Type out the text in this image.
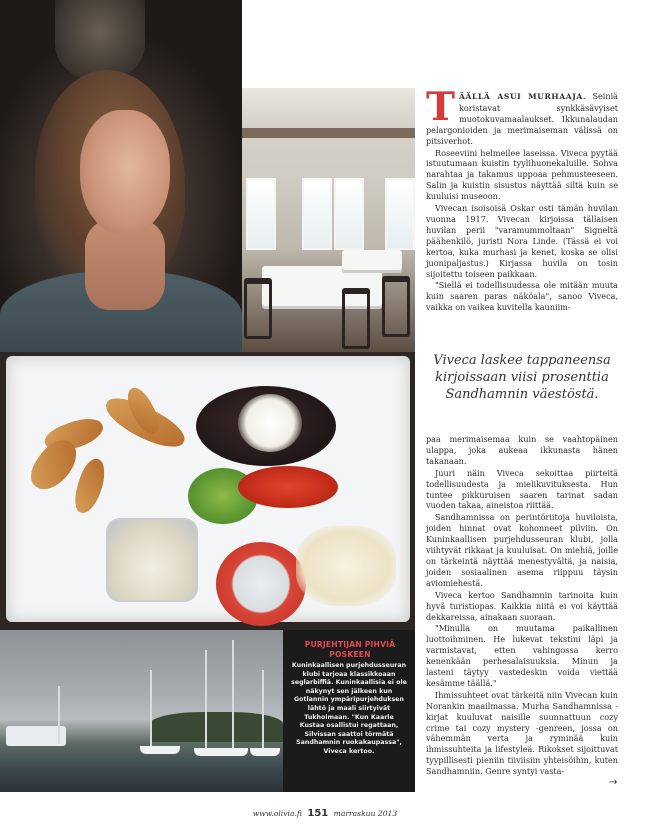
PURJEHTIJAN PIHVIÄ
POSKEEN
Kuninkaallisen purjehdusseuran klubi tarjoaa klassikkoaan seglarbiffiä. Kuninkaallisia ei ole näkynyt sen jälkeen kun Gotlannin ympäripurjehduksen lähtö ja maali siirtyivät Tukholmaan. "Kun Kaarle Kustaa osallistui regattaan, Silvissan saattoi törmätä Sandhamnin ruokakaupassa", Viveca kertoo.

TÄÄLLÄ ASUI MURHAAJA. Seiniä koristavat synkkäsävyiset muotokuvamaalaukset. Ikkunalaudan pelargonioiden ja merimaiseman välissä on pitsiverhot.

Roseeviini helmeilee laseissa. Viveca pyytää istuutumaan kuistin tyylihuonekaluille. Sohva narahtaa ja takamus uppoaa pehmusteeseen. Salin ja kuistin sisustus näyttää siltä kuin se kuuluisi museoon.

Vivecan isoisoisä Oskar osti tämän huvilan vuonna 1917. Vivecan kirjoissa tällaisen huvilan perii "varamummoltaan" Signeltä päähenkilö, juristi Nora Linde. (Tässä ei voi kertoa, kuka murhasi ja kenet, koska se olisi juonipaljastus.) Kirjassa huvila on tosin sijoitettu toiseen paikkaan.

"Siellä ei todellisuudessa ole mitään muuta kuin saaren paras näköala", sanoo Viveca, vaikka on vaikea kuvitella kauniim-

Viveca laskee tappaneensa kirjoissaan viisi prosenttia Sandhamnin väestöstä.

paa merimaisemaa kuin se vaahtopäinen ulappa, joka aukeaa ikkunasta hänen takanaan.

Juuri näin Viveca sekoittaa piirteitä todellisuudesta ja mielikuvituksesta. Hun tuntee pikkuruisen saaren tarinat sadan vuoden takaa, aineistoa riittää.

Sandhamnissa on perintöriitoja huviloista, joiden hinnat ovat kohonneet pilviin. On Kuninkaallisen purjehdusseuran klubi, jolla viihtyvät rikkaat ja kuuluisat. On miehiä, joille on tärkeintä näyttää menestyvältä, ja naisia, joiden sosiaalinen asema riippuu täysin aviomiehestä.

Viveca kertoo Sandhamnin tarinoita kuin hyvä turistiopas. Kaikkia niitä ei voi käyttää dekkareissa, ainakaan suoraan.

"Minulla on muutama paikallinen luottoihminen. He lukevat tekstini läpi ja varmistavat, etten vahingossa kerro kenenkään perhesalaisuuksia. Minun ja lasteni täytyy vastedeskin voida viettää kesämme täällä."

Ihmissuhteet ovat tärkeitä niin Vivecan kuin Norankin maailmassa. Murha Sandhamnissa -kirjat kuuluvat naisille suunnattuun cozy crime tai cozy mystery -genreen, jossa on vähemmän verta ja ryminää kuin ihmissuhteita ja lifestyleä. Rikokset sijoittuvat tyypillisesti pieniin tiiviisiin yhteisöihin, kuten Sandhamniin. Genre syntyi vasta-

→
www.olivia.fi 151 marraskuu 2013
